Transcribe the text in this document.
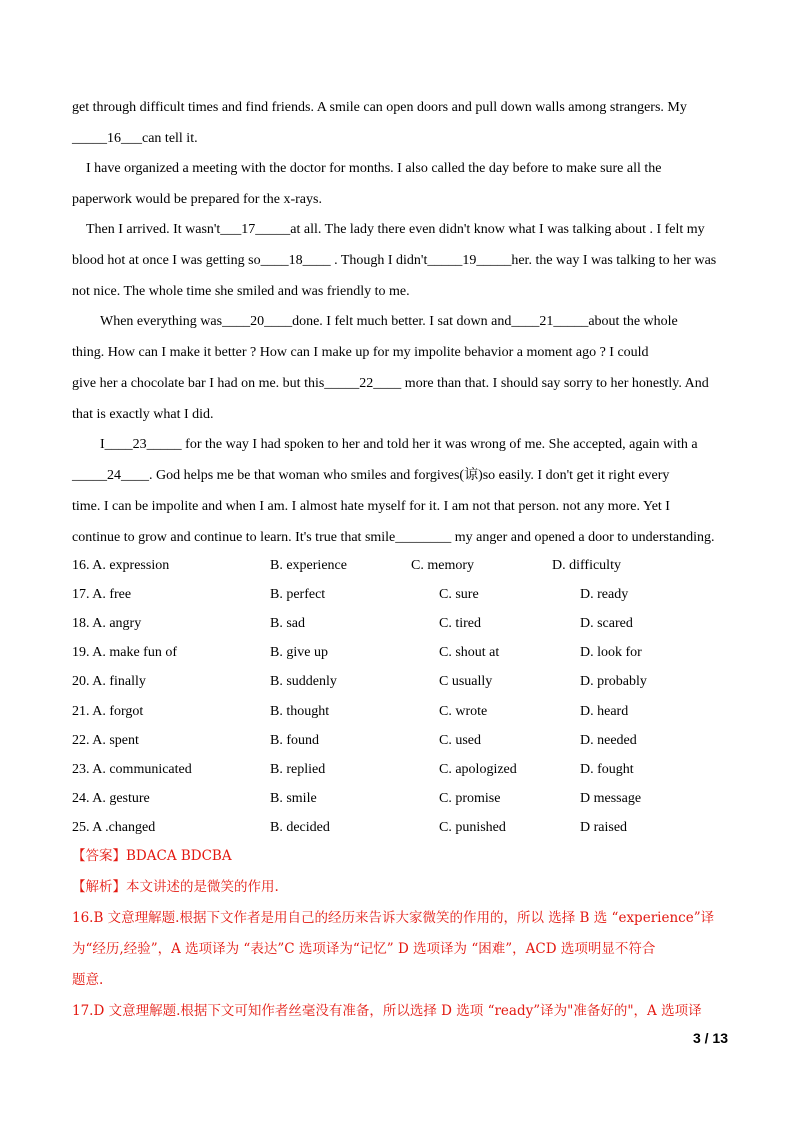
get through difficult times and find friends. A smile can open doors and pull down walls among strangers. My
_____16___can tell it.
I have organized a meeting with the doctor for months. I also called the day before to make sure all the
paperwork would be prepared for the x-rays.
Then I arrived. It wasn't___17_____at all. The lady there even didn't know what I was talking about . I felt my
blood hot at once I was getting so____18____ . Though I didn't_____19_____her. the way I was talking to her was
not nice. The whole time she smiled and was friendly to me.
When everything was____20____done. I felt much better. I sat down and____21_____about the whole
thing. How can I make it better ? How can I make up for my impolite behavior a moment ago ? I could
give her a chocolate bar I had on me. but this_____22____ more than that. I should say sorry to her honestly. And
that is exactly what I did.
I____23_____ for the way I had spoken to her and told her it was wrong of me. She accepted, again with a
_____24____. God helps me be that woman who smiles and forgives(谅)so easily. I don't get it right every
time. I can be impolite and when I am. I almost hate myself for it. I am not that person. not any more. Yet I
continue to grow and continue to learn. It's true that smile________ my anger and opened a door to understanding.
16. A. expression	B. experience	C. memory	D. difficulty
17. A. free	B. perfect	C. sure	D. ready
18. A. angry	B. sad	C. tired	D. scared
19. A. make fun of	B. give up	C. shout at	D. look for
20. A. finally	B. suddenly	C usually	D. probably
21. A. forgot	B. thought	C. wrote	D. heard
22. A. spent	B. found	C. used	D. needed
23. A. communicated	B. replied	C. apologized	D. fought
24. A. gesture	B. smile	C. promise	D message
25. A .changed	B. decided	C. punished	D raised
【答案】BDACA BDCBA
【解析】本文讲述的是微笑的作用.
16.B 文意理解题.根据下文作者是用自己的经历来告诉大家微笑的作用的，所以 选择 B 选 “experience”译
为“经历,经验”，A 选项译为 “表达”C 选项译为“记忆” D 选项译为 “困难”，ACD 选项明显不符合
题意.
17.D 文意理解题.根据下文可知作者丝毫没有准备，所以选择 D 选项 “ready”译为"准备好的"，A 选项译
3 / 13
